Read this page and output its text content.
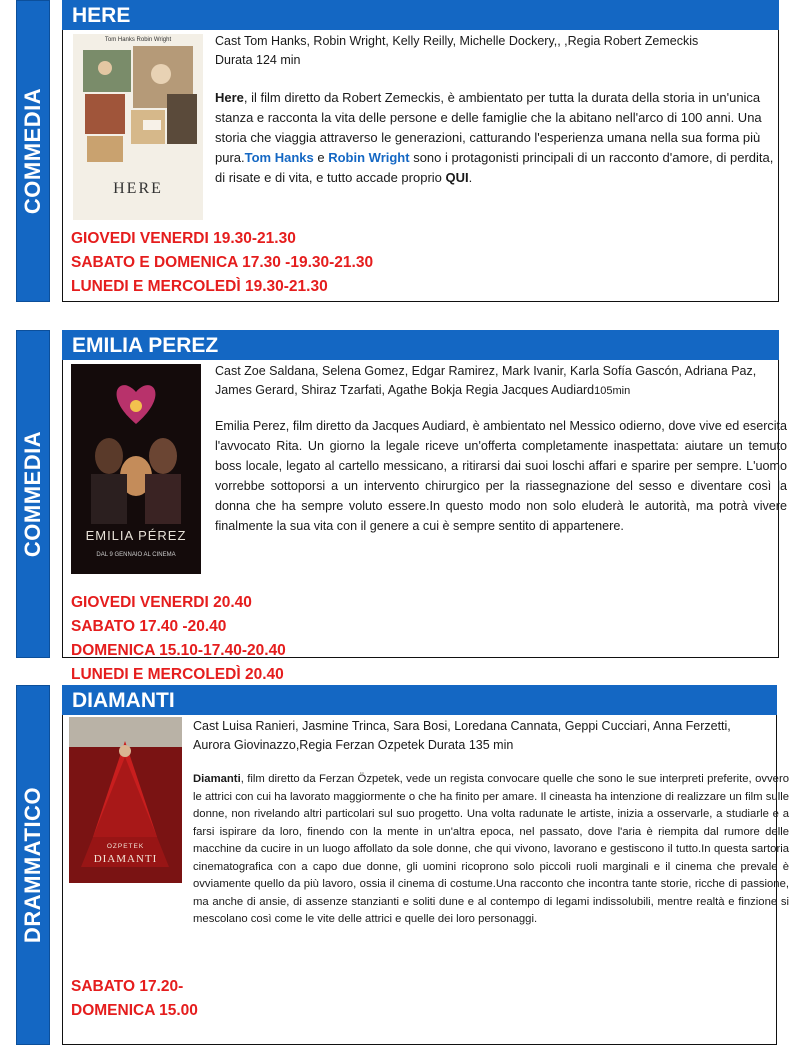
COMMEDIA
HERE
Tom Hanks Robin Wright
HERE
Cast Tom Hanks, Robin Wright, Kelly Reilly, Michelle Dockery,, ,Regia Robert Zemeckis
Durata 124 min
Here, il film diretto da Robert Zemeckis, è ambientato per tutta la durata della storia in un'unica stanza e racconta la vita delle persone e delle famiglie che la abitano nell'arco di 100 anni. Una storia che viaggia attraverso le generazioni, catturando l'esperienza umana nella sua forma più pura.Tom Hanks e Robin Wright sono i protagonisti principali di un racconto d'amore, di perdita, di risate e di vita, e tutto accade proprio QUI.
GIOVEDI VENERDI 19.30-21.30
SABATO E DOMENICA 17.30 -19.30-21.30
LUNEDI E MERCOLEDÌ 19.30-21.30
COMMEDIA
EMILIA PEREZ
EMILIA PÉREZ
DAL 9 GENNAIO AL CINEMA
Cast Zoe Saldana, Selena Gomez, Edgar Ramirez, Mark Ivanir, Karla Sofía Gascón, Adriana Paz, James Gerard, Shiraz Tzarfati, Agathe Bokja Regia Jacques Audiard105min
Emilia Perez, film diretto da Jacques Audiard, è ambientato nel Messico odierno, dove vive ed esercita l'avvocato Rita. Un giorno la legale riceve un'offerta completamente inaspettata: aiutare un temuto boss locale, legato al cartello messicano, a ritirarsi dai suoi loschi affari e sparire per sempre. L'uomo vorrebbe sottoporsi a un intervento chirurgico per la riassegnazione del sesso e diventare così la donna che ha sempre voluto essere.In questo modo non solo eluderà le autorità, ma potrà vivere finalmente la sua vita con il genere a cui è sempre sentito di appartenere.
GIOVEDI VENERDI 20.40
SABATO 17.40 -20.40
DOMENICA 15.10-17.40-20.40
LUNEDI E MERCOLEDÌ 20.40
DRAMMATICO
DIAMANTI
OZPETEK
DIAMANTI
Cast Luisa Ranieri, Jasmine Trinca, Sara Bosi, Loredana Cannata, Geppi Cucciari, Anna Ferzetti, Aurora Giovinazzo,Regia Ferzan Ozpetek Durata 135 min
Diamanti, film diretto da Ferzan Özpetek, vede un regista convocare quelle che sono le sue interpreti preferite, ovvero le attrici con cui ha lavorato maggiormente o che ha finito per amare. Il cineasta ha intenzione di realizzare un film sulle donne, non rivelando altri particolari sul suo progetto. Una volta radunate le artiste, inizia a osservarle, a studiarle e a farsi ispirare da loro, finendo con la mente in un'altra epoca, nel passato, dove l'aria è riempita dal rumore delle macchine da cucire in un luogo affollato da sole donne, che qui vivono, lavorano e gestiscono il tutto.In questa sartoria cinematografica con a capo due donne, gli uomini ricoprono solo piccoli ruoli marginali e il cinema che prevale è ovviamente quello da più lavoro, ossia il cinema di costume.Una racconto che incontra tante storie, ricche di passione, ma anche di ansie, di assenze stanzianti e soliti dune e al contempo di legami indissolubili, mentre realtà e finzione si mescolano così come le vite delle attrici e quelle dei loro personaggi.
SABATO 17.20-
DOMENICA 15.00
